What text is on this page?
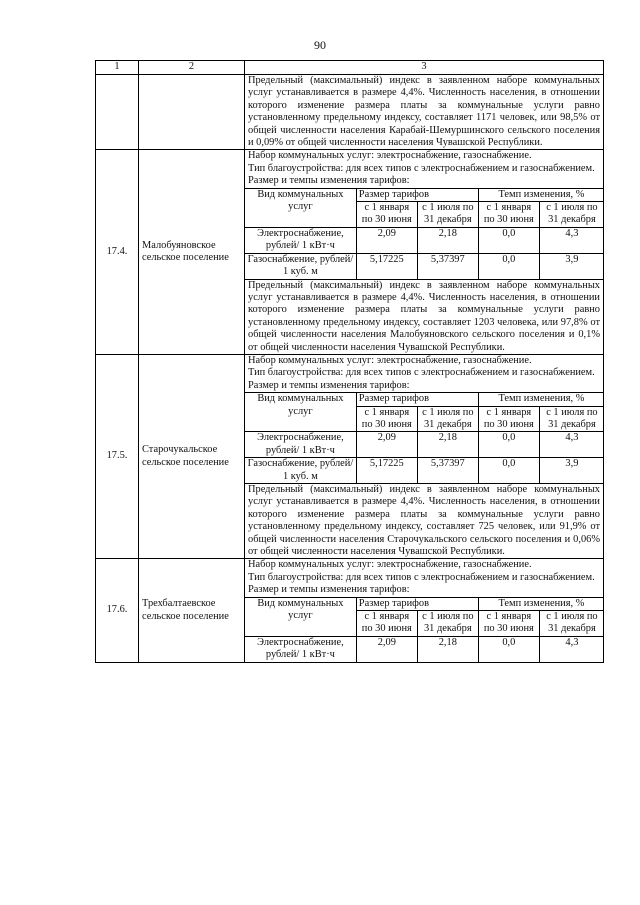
90
1	2	3
		Предельный (максимальный) индекс в заявленном наборе коммунальных услуг устанавливается в размере 4,4%. Численность населения, в отношении которого изменение размера платы за коммунальные услуги равно установленному предельному индексу, составляет 1171 человек, или 98,5% от общей численности населения Карабай-Шемуршинского сельского поселения и 0,09% от общей численности населения Чувашской Республики.
17.4.	Малобуяновское сельское поселение	
Набор коммунальных услуг: электроснабжение, газоснабжение.
Тип благоустройства: для всех типов с электроснабжением и газоснабжением.
Размер и темпы изменения тарифов:
Вид коммунальных услуг	Размер тарифов	Темп изменения, %
с 1 января по 30 июня	с 1 июля по 31 декабря	с 1 января по 30 июня	с 1 июля по 31 декабря
Электроснабжение, рублей/ 1 кВт·ч	2,09	2,18	0,0	4,3
Газоснабжение, рублей/ 1 куб. м	5,17225	5,37397	0,0	3,9
Предельный (максимальный) индекс в заявленном наборе коммунальных услуг устанавливается в размере 4,4%. Численность населения, в отношении которого изменение размера платы за коммунальные услуги равно установленному предельному индексу, составляет 1203 человека, или 97,8% от общей численности населения Малобуяновского сельского поселения и 0,1% от общей численности населения Чувашской Республики.

17.5.	Старочукальское сельское поселение	
Набор коммунальных услуг: электроснабжение, газоснабжение.
Тип благоустройства: для всех типов с электроснабжением и газоснабжением.
Размер и темпы изменения тарифов:
Вид коммунальных услуг	Размер тарифов	Темп изменения, %
с 1 января по 30 июня	с 1 июля по 31 декабря	с 1 января по 30 июня	с 1 июля по 31 декабря
Электроснабжение, рублей/ 1 кВт·ч	2,09	2,18	0,0	4,3
Газоснабжение, рублей/ 1 куб. м	5,17225	5,37397	0,0	3,9
Предельный (максимальный) индекс в заявленном наборе коммунальных услуг устанавливается в размере 4,4%. Численность населения, в отношении которого изменение размера платы за коммунальные услуги равно установленному предельному индексу, составляет 725 человек, или 91,9% от общей численности населения Старочукальского сельского поселения и 0,06% от общей численности населения Чувашской Республики.

17.6.	Трехбалтаевское сельское поселение	
Набор коммунальных услуг: электроснабжение, газоснабжение.
Тип благоустройства: для всех типов с электроснабжением и газоснабжением.
Размер и темпы изменения тарифов:
Вид коммунальных услуг	Размер тарифов	Темп изменения, %
с 1 января по 30 июня	с 1 июля по 31 декабря	с 1 января по 30 июня	с 1 июля по 31 декабря
Электроснабжение, рублей/ 1 кВт·ч	2,09	2,18	0,0	4,3
